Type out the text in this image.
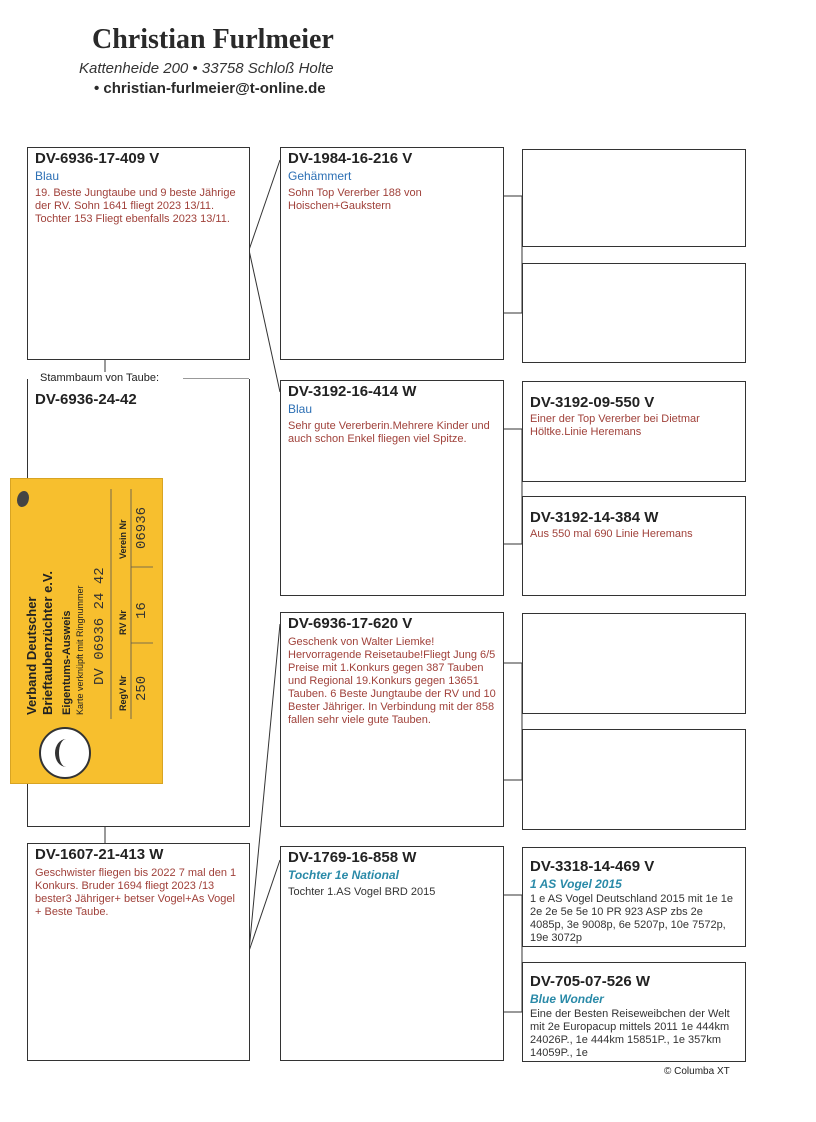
Christian Furlmeier
Kattenheide 200 • 33758 Schloß Holte
• christian-furlmeier@t-online.de
DV-6936-17-409 V
Blau
19. Beste Jungtaube und 9 beste Jährige der RV. Sohn 1641 fliegt 2023 13/11. Tochter 153 Fliegt ebenfalls 2023 13/11.
DV-6936-24-42
Stammbaum von Taube:
DV-1607-21-413 W
Geschwister fliegen bis 2022 7 mal den 1 Konkurs. Bruder 1694 fliegt 2023 /13 bester3 Jähriger+ betser Vogel+As Vogel + Beste Taube.
DV-1984-16-216 V
Gehämmert
Sohn Top Vererber 188 von Hoischen+Gaukstern
DV-3192-16-414 W
Blau
Sehr gute Vererberin.Mehrere Kinder und auch schon Enkel fliegen viel Spitze.
DV-6936-17-620 V
Geschenk von Walter Liemke! Hervorragende Reisetaube!Fliegt Jung 6/5 Preise mit 1.Konkurs gegen 387 Tauben und Regional 19.Konkurs gegen 13651 Tauben. 6 Beste Jungtaube der RV und 10 Bester Jähriger. In Verbindung mit der 858 fallen sehr viele gute Tauben.
DV-1769-16-858 W
Tochter 1e National
Tochter 1.AS Vogel BRD 2015
DV-3192-09-550 V
Einer der Top Vererber bei Dietmar Höltke.Linie Heremans
DV-3192-14-384 W
Aus 550 mal 690 Linie Heremans
DV-3318-14-469 V
1 AS Vogel 2015
1 e AS Vogel Deutschland 2015 mit 1e 1e 2e 2e 5e 5e 10 PR 923 ASP zbs 2e 4085p, 3e 9008p, 6e 5207p, 10e 7572p, 19e 3072p
DV-705-07-526 W
Blue Wonder
Eine der Besten Reiseweibchen der Welt mit 2e Europacup mittels 2011 1e 444km 24026P., 1e 444km 15851P., 1e 357km 14059P., 1e
Verband Deutscher Brieftaubenzüchter e.V. Eigentums-Ausweis Karte verknüpft mit Ringnummer DV 06936 24 42
RegV Nr
RV Nr
Verein Nr
250
16
06936
© Columba XT
